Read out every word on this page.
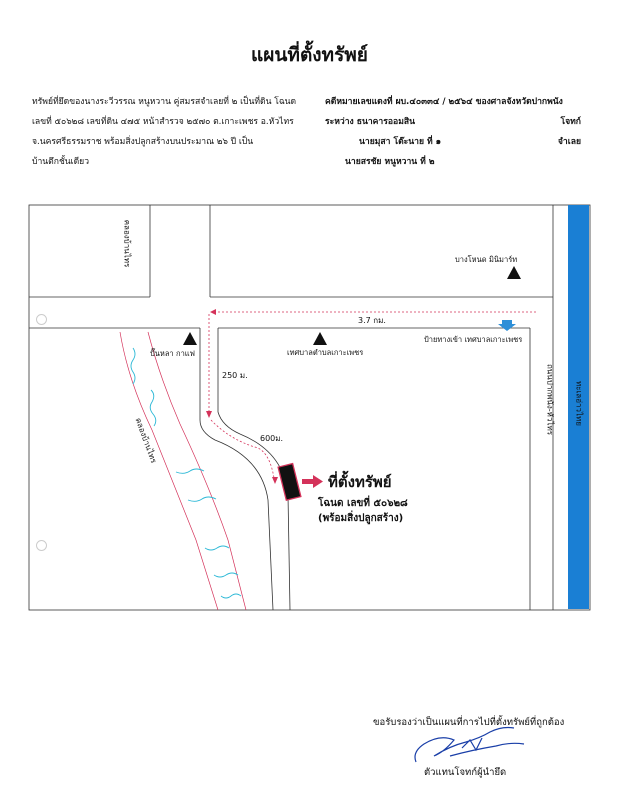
แผนที่ตั้งทรัพย์
ทรัพย์ที่ยึดของนางระวีวรรณ หนูหวาน คู่สมรสจำเลยที่ ๒ เป็นที่ดิน โฉนด
เลขที่ ๕๐๖๒๘ เลขที่ดิน ๔๗๕ หน้าสำรวจ ๒๕๗๐ ต.เกาะเพชร อ.หัวไทร
จ.นครศรีธรรมราช พร้อมสิ่งปลูกสร้างบนประมาณ ๒๖ ปี เป็น
บ้านตึกชั้นเดียว
คดีหมายเลขแดงที่ ผบ.๔๐๓๓๔ / ๒๕๖๔ ของศาลจังหวัดปากพนัง
ระหว่าง ธนาคารออมสิน	โจทก์
นายมุสา โต๊ะนาย ที่ ๑	จำเลย
นายสรชัย หนูหวาน ที่ ๒
คลองบ้านไทร
คลองบ้านไทร
บางโหนด มินิมาร์ท
ปั๊นหลา กาแฟ	เทศบาลตำบลเกาะเพชร
ป้ายทางเข้า เทศบาลเกาะเพชร
3.7 กม.
250 ม.
600ม.
ถนนปากพนัง-หัวไทร	ทะเลอ่าวไทย
ที่ตั้งทรัพย์
โฉนด เลขที่ ๕๐๖๒๘
(พร้อมสิ่งปลูกสร้าง)
ขอรับรองว่าเป็นแผนที่การไปที่ตั้งทรัพย์ที่ถูกต้อง
ตัวแทนโจทก์ผู้นำยึด
